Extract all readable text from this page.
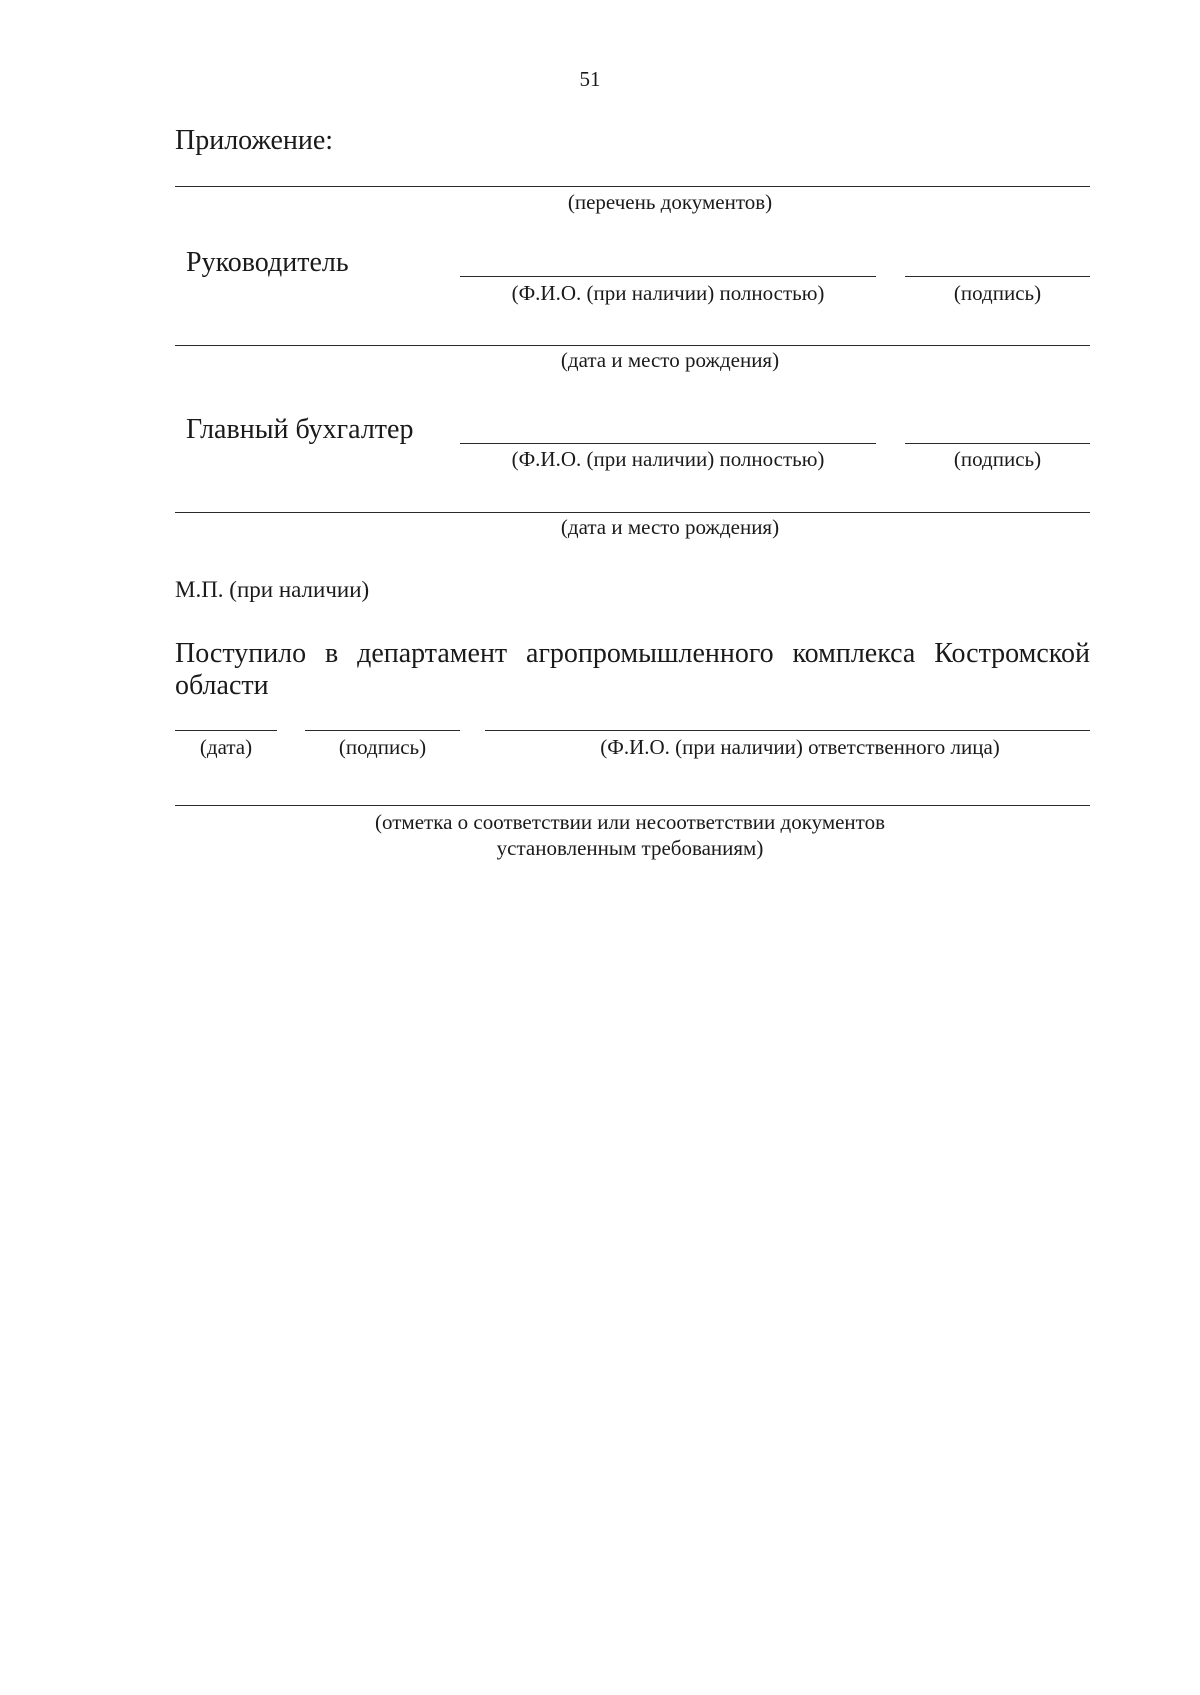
51
Приложение:
(перечень документов)
Руководитель
(Ф.И.О. (при наличии) полностью)	(подпись)
(дата и место рождения)
Главный бухгалтер
(Ф.И.О. (при наличии) полностью)	(подпись)
(дата и место рождения)
М.П. (при наличии)
Поступило в департамент агропромышленного комплекса Костромской
области
(дата)	(подпись)	(Ф.И.О. (при наличии) ответственного лица)
(отметка о соответствии или несоответствии документов
установленным требованиям)
